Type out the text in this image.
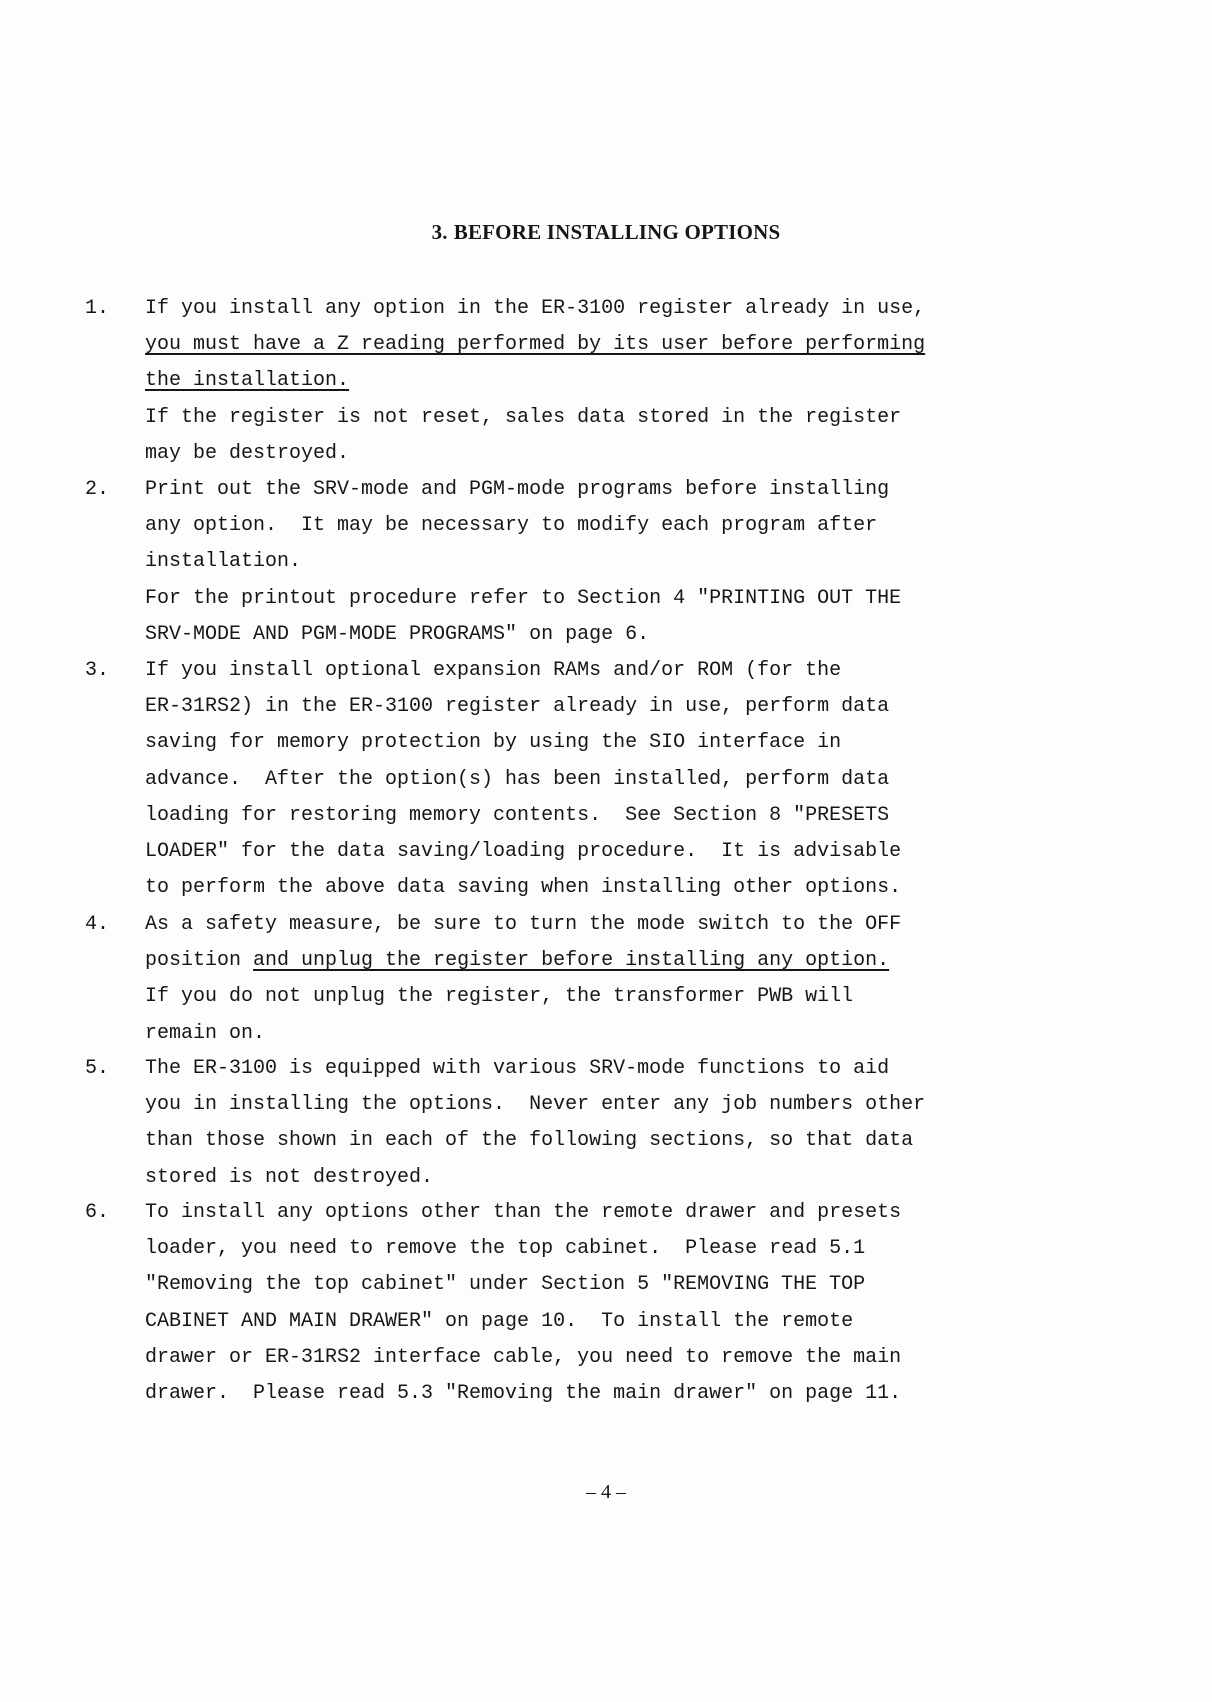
3. BEFORE INSTALLING OPTIONS
1. If you install any option in the ER-3100 register already in use,
you must have a Z reading performed by its user before performing
the installation.
If the register is not reset, sales data stored in the register
may be destroyed.
2. Print out the SRV-mode and PGM-mode programs before installing
any option.  It may be necessary to modify each program after
installation.
For the printout procedure refer to Section 4 "PRINTING OUT THE
SRV-MODE AND PGM-MODE PROGRAMS" on page 6.
3. If you install optional expansion RAMs and/or ROM (for the
ER-31RS2) in the ER-3100 register already in use, perform data
saving for memory protection by using the SIO interface in
advance.  After the option(s) has been installed, perform data
loading for restoring memory contents.  See Section 8 "PRESETS
LOADER" for the data saving/loading procedure.  It is advisable
to perform the above data saving when installing other options.
4. As a safety measure, be sure to turn the mode switch to the OFF
position and unplug the register before installing any option.
If you do not unplug the register, the transformer PWB will
remain on.
5. The ER-3100 is equipped with various SRV-mode functions to aid
you in installing the options.  Never enter any job numbers other
than those shown in each of the following sections, so that data
stored is not destroyed.
6. To install any options other than the remote drawer and presets
loader, you need to remove the top cabinet.  Please read 5.1
"Removing the top cabinet" under Section 5 "REMOVING THE TOP
CABINET AND MAIN DRAWER" on page 10.  To install the remote
drawer or ER-31RS2 interface cable, you need to remove the main
drawer.  Please read 5.3 "Removing the main drawer" on page 11.
– 4 –
